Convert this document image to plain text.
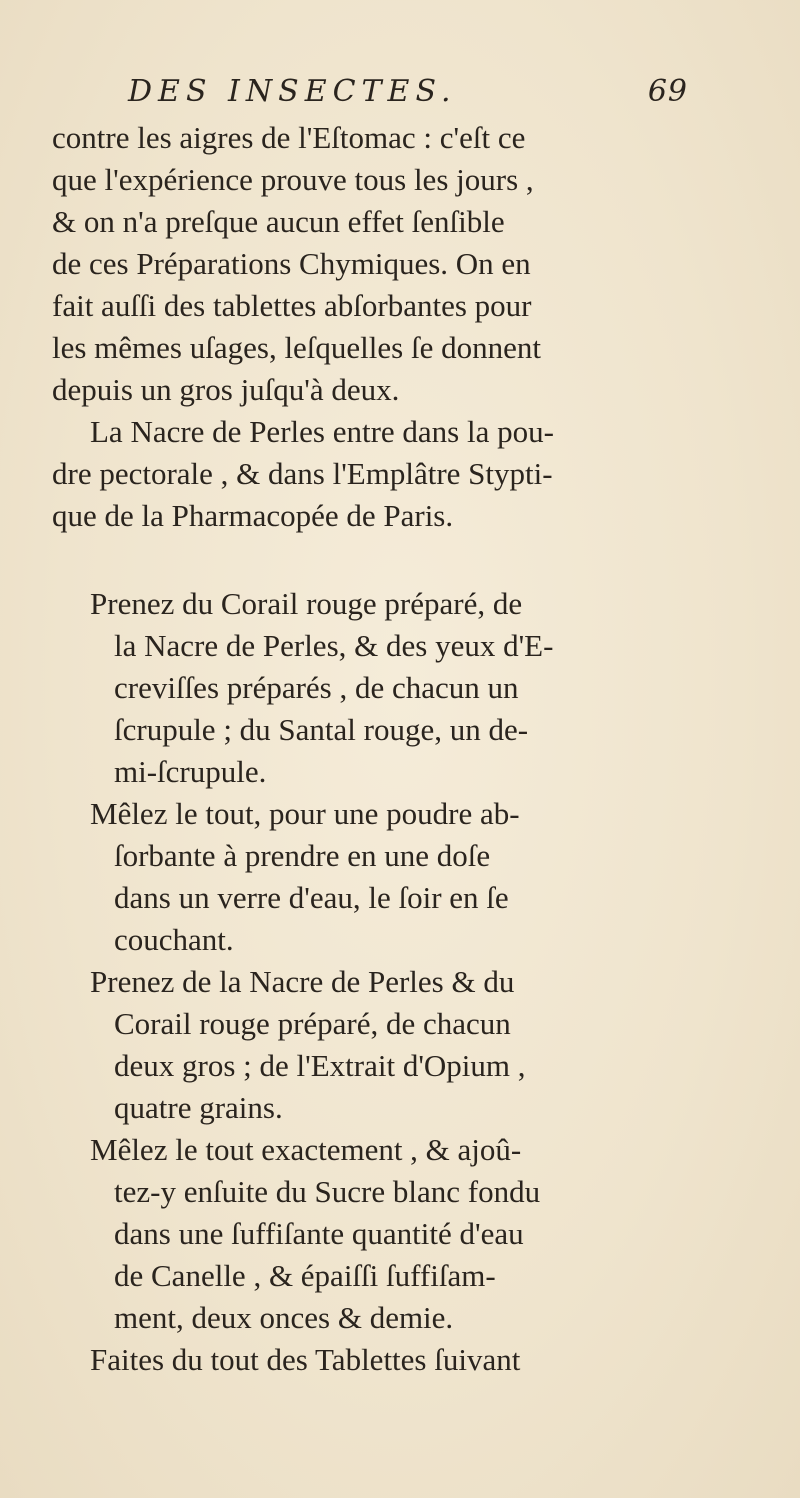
DES INSECTES.	69
contre les aigres de l'Eſtomac : c'eſt ce
que l'expérience prouve tous les jours ,
& on n'a preſque aucun effet ſenſible
de ces Préparations Chymiques. On en
fait auſſi des tablettes abſorbantes pour
les mêmes uſages, leſquelles ſe donnent
depuis un gros juſqu'à deux.
La Nacre de Perles entre dans la pou-
dre pectorale , & dans l'Emplâtre Stypti-
que de la Pharmacopée de Paris.
Prenez du Corail rouge préparé, de
la Nacre de Perles, & des yeux d'E-
creviſſes préparés , de chacun un
ſcrupule ; du Santal rouge, un de-
mi-ſcrupule.
Mêlez le tout, pour une poudre ab-
ſorbante à prendre en une doſe
dans un verre d'eau, le ſoir en ſe
couchant.
Prenez de la Nacre de Perles & du
Corail rouge préparé, de chacun
deux gros ; de l'Extrait d'Opium ,
quatre grains.
Mêlez le tout exactement , & ajoû-
tez-y enſuite du Sucre blanc fondu
dans une ſuffiſante quantité d'eau
de Canelle , & épaiſſi ſuffiſam-
ment, deux onces & demie.
Faites du tout des Tablettes ſuivant
